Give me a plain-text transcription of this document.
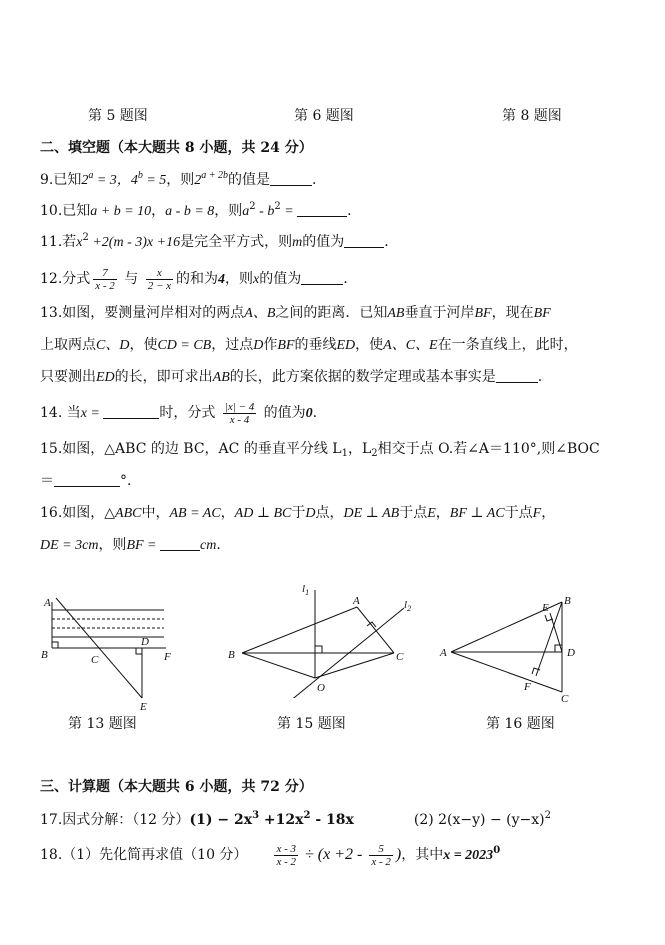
第 5 题图	第 6 题图	第 8 题图
二、填空题（本大题共 8 小题，共 24 分）
9.已知$2^a = 3$，$4^b = 5$，则$2^{a + 2b}$的值是	.
10.已知a + b = 10，a - b = 8，则$a^2 - b^2$ =	.
11.若$x^2 +2(m - 3)x +16$是完全平方式，则m的值为	.
12.分式 $\frac{7}{x - 2}$ 与 $\frac{x}{2 - x}$ 的和为4，则x的值为	.
13.如图，要测量河岸相对的两点A、B之间的距离．已知AB垂直于河岸BF，现在BF
上取两点C、D，使CD = CB，过点D作BF的垂线ED，使A、C、E在一条直线上，此时，
只要测出ED的长，即可求出AB的长，此方案依据的数学定理或基本事实是	.
14. 当x =	时，分式 $\frac{|x| - 4}{x - 4}$ 的值为0.
15.如图，△ABC 的边 BC，AC 的垂直平分线 $L_1$，$L_2$相交于点 O.若∠A＝110°,则∠BOC
＝	°.
16.如图，△ABC中，AB = AC，AD ⊥ BC于D点，DE ⊥ AB于点E，BF ⊥ AC于点F，
DE = 3cm，则BF =	cm.
A
B	C
D
F
E
$l_1$
$l_2$
A
B	C
O
A
B
C
D
E
F
第 13 题图	第 15 题图	第 16 题图
三、计算题（本大题共 6 小题，共 72 分）
17.因式分解：（12 分）$(1) - 2x^3 +12x^2 - 18x$	(2) $2(x-y) - (y-x)^2$
18.（1）先化简再求值（10 分） $\frac{x - 3}{x - 2} \div (x +2 - \frac{5}{x - 2}$ )，其中$x = 2023^0$
